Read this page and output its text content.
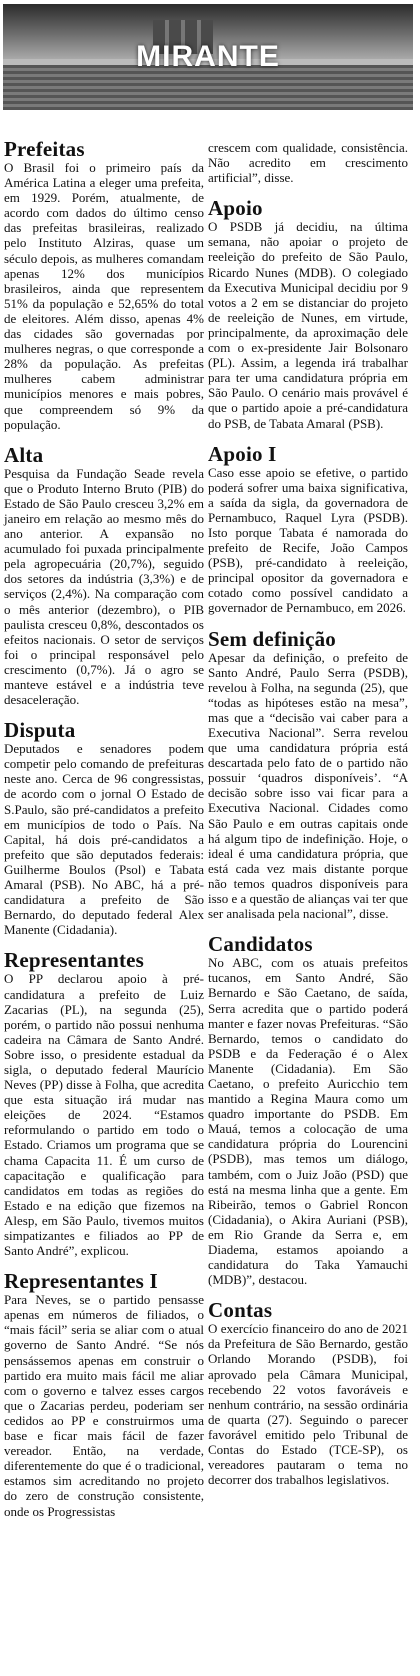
MIRANTE
Prefeitas

O Brasil foi o primeiro país da América Latina a eleger uma prefeita, em 1929. Porém, atualmente, de acordo com dados do último censo das prefeitas brasileiras, realizado pelo Instituto Alziras, quase um século depois, as mulheres comandam apenas 12% dos municípios brasileiros, ainda que representem 51% da população e 52,65% do total de eleitores. Além disso, apenas 4% das cidades são governadas por mulheres negras, o que corresponde a 28% da população. As prefeitas mulheres cabem administrar municípios menores e mais pobres, que compreendem só 9% da população.

Alta

Pesquisa da Fundação Seade revela que o Produto Interno Bruto (PIB) do Estado de São Paulo cresceu 3,2% em janeiro em relação ao mesmo mês do ano anterior. A expansão no acumulado foi puxada principalmente pela agropecuária (20,7%), seguido dos setores da indústria (3,3%) e de serviços (2,4%). Na comparação com o mês anterior (dezembro), o PIB paulista cresceu 0,8%, descontados os efeitos nacionais. O setor de serviços foi o principal responsável pelo crescimento (0,7%). Já o agro se manteve estável e a indústria teve desaceleração.

Disputa

Deputados e senadores podem competir pelo comando de prefeituras neste ano. Cerca de 96 congressistas, de acordo com o jornal O Estado de S.Paulo, são pré-candidatos a prefeito em municípios de todo o País. Na Capital, há dois pré-candidatos a prefeito que são deputados federais: Guilherme Boulos (Psol) e Tabata Amaral (PSB). No ABC, há a pré-candidatura a prefeito de São Bernardo, do deputado federal Alex Manente (Cidadania).

Representantes

O PP declarou apoio à pré-candidatura a prefeito de Luiz Zacarias (PL), na segunda (25), porém, o partido não possui nenhuma cadeira na Câmara de Santo André. Sobre isso, o presidente estadual da sigla, o deputado federal Maurício Neves (PP) disse à Folha, que acredita que esta situação irá mudar nas eleições de 2024. “Estamos reformulando o partido em todo o Estado. Criamos um programa que se chama Capacita 11. É um curso de capacitação e qualificação para candidatos em todas as regiões do Estado e na edição que fizemos na Alesp, em São Paulo, tivemos muitos simpatizantes e filiados ao PP de Santo André”, explicou.

Representantes I

Para Neves, se o partido pensasse apenas em números de filiados, o “mais fácil” seria se aliar com o atual governo de Santo André. “Se nós pensássemos apenas em construir o partido era muito mais fácil me aliar com o governo e talvez esses cargos que o Zacarias perdeu, poderiam ser cedidos ao PP e construirmos uma base e ficar mais fácil de fazer vereador. Então, na verdade, diferentemente do que é o tradicional, estamos sim acreditando no projeto do zero de construção consistente, onde os Progressistas

crescem com qualidade, consistência. Não acredito em crescimento artificial”, disse.

Apoio

O PSDB já decidiu, na última semana, não apoiar o projeto de reeleição do prefeito de São Paulo, Ricardo Nunes (MDB). O colegiado da Executiva Municipal decidiu por 9 votos a 2 em se distanciar do projeto de reeleição de Nunes, em virtude, principalmente, da aproximação dele com o ex-presidente Jair Bolsonaro (PL). Assim, a legenda irá trabalhar para ter uma candidatura própria em São Paulo. O cenário mais provável é que o partido apoie a pré-candidatura do PSB, de Tabata Amaral (PSB).

Apoio I

Caso esse apoio se efetive, o partido poderá sofrer uma baixa significativa, a saída da sigla, da governadora de Pernambuco, Raquel Lyra (PSDB). Isto porque Tabata é namorada do prefeito de Recife, João Campos (PSB), pré-candidato à reeleição, principal opositor da governadora e cotado como possível candidato a governador de Pernambuco, em 2026.

Sem definição

Apesar da definição, o prefeito de Santo André, Paulo Serra (PSDB), revelou à Folha, na segunda (25), que “todas as hipóteses estão na mesa”, mas que a “decisão vai caber para a Executiva Nacional”. Serra revelou que uma candidatura própria está descartada pelo fato de o partido não possuir ‘quadros disponíveis’. “A decisão sobre isso vai ficar para a Executiva Nacional. Cidades como São Paulo e em outras capitais onde há algum tipo de indefinição. Hoje, o ideal é uma candidatura própria, que está cada vez mais distante porque não temos quadros disponíveis para isso e a questão de alianças vai ter que ser analisada pela nacional”, disse.

Candidatos

No ABC, com os atuais prefeitos tucanos, em Santo André, São Bernardo e São Caetano, de saída, Serra acredita que o partido poderá manter e fazer novas Prefeituras. “São Bernardo, temos o candidato do PSDB e da Federação é o Alex Manente (Cidadania). Em São Caetano, o prefeito Auricchio tem mantido a Regina Maura como um quadro importante do PSDB. Em Mauá, temos a colocação de uma candidatura própria do Lourencini (PSDB), mas temos um diálogo, também, com o Juiz João (PSD) que está na mesma linha que a gente. Em Ribeirão, temos o Gabriel Roncon (Cidadania), o Akira Auriani (PSB), em Rio Grande da Serra e, em Diadema, estamos apoiando a candidatura do Taka Yamauchi (MDB)”, destacou.

Contas

O exercício financeiro do ano de 2021 da Prefeitura de São Bernardo, gestão Orlando Morando (PSDB), foi aprovado pela Câmara Municipal, recebendo 22 votos favoráveis e nenhum contrário, na sessão ordinária de quarta (27). Seguindo o parecer favorável emitido pelo Tribunal de Contas do Estado (TCE-SP), os vereadores pautaram o tema no decorrer dos trabalhos legislativos.
